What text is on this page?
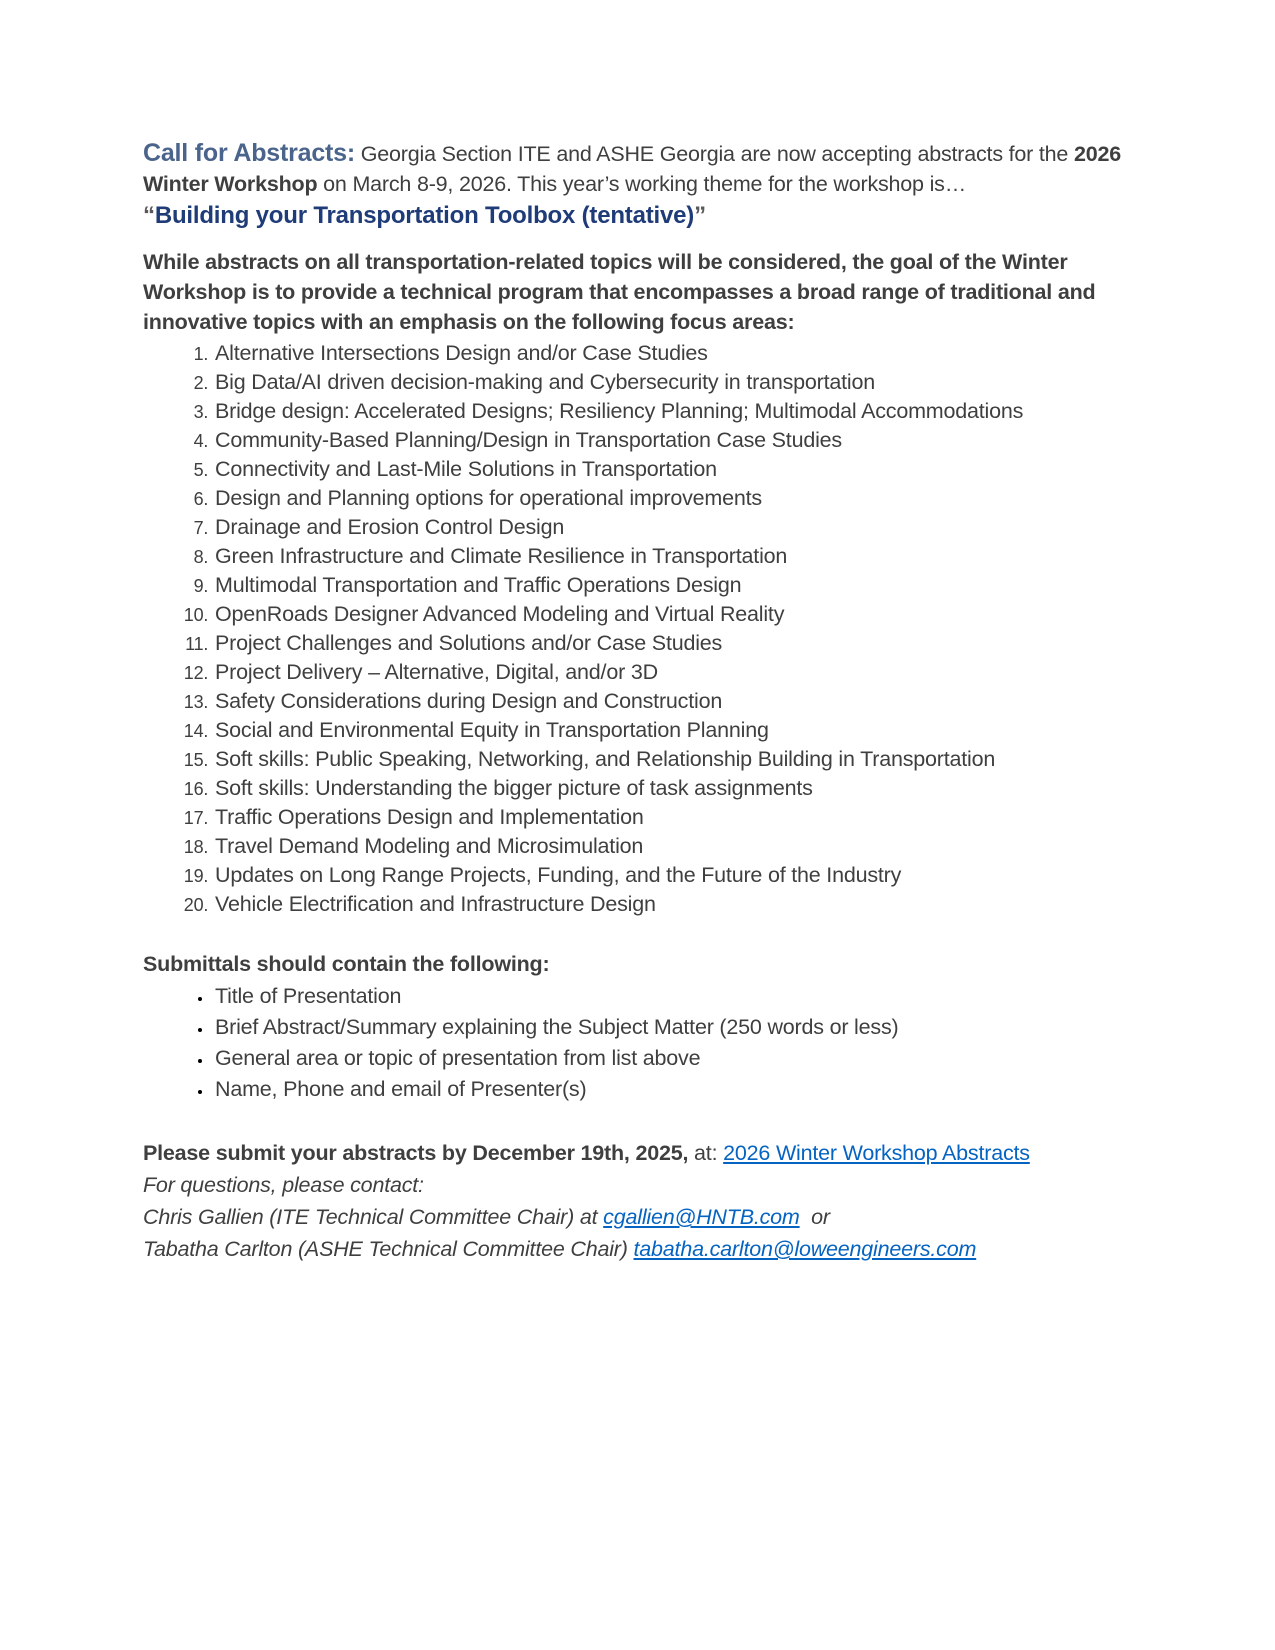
Call for Abstracts: Georgia Section ITE and ASHE Georgia are now accepting abstracts for the 2026 Winter Workshop on March 8-9, 2026. This year’s working theme for the workshop is…

“Building your Transportation Toolbox (tentative)”

While abstracts on all transportation-related topics will be considered, the goal of the Winter Workshop is to provide a technical program that encompasses a broad range of traditional and innovative topics with an emphasis on the following focus areas:

1. Alternative Intersections Design and/or Case Studies
2. Big Data/AI driven decision-making and Cybersecurity in transportation
3. Bridge design: Accelerated Designs; Resiliency Planning; Multimodal Accommodations
4. Community-Based Planning/Design in Transportation Case Studies
5. Connectivity and Last-Mile Solutions in Transportation
6. Design and Planning options for operational improvements
7. Drainage and Erosion Control Design
8. Green Infrastructure and Climate Resilience in Transportation
9. Multimodal Transportation and Traffic Operations Design
10. OpenRoads Designer Advanced Modeling and Virtual Reality
11. Project Challenges and Solutions and/or Case Studies
12. Project Delivery – Alternative, Digital, and/or 3D
13. Safety Considerations during Design and Construction
14. Social and Environmental Equity in Transportation Planning
15. Soft skills: Public Speaking, Networking, and Relationship Building in Transportation
16. Soft skills: Understanding the bigger picture of task assignments
17. Traffic Operations Design and Implementation
18. Travel Demand Modeling and Microsimulation
19. Updates on Long Range Projects, Funding, and the Future of the Industry
20. Vehicle Electrification and Infrastructure Design

Submittals should contain the following:

• Title of Presentation
• Brief Abstract/Summary explaining the Subject Matter (250 words or less)
• General area or topic of presentation from list above
• Name, Phone and email of Presenter(s)

Please submit your abstracts by December 19th, 2025, at: 2026 Winter Workshop Abstracts

For questions, please contact:

Chris Gallien (ITE Technical Committee Chair) at cgallien@HNTB.com  or

Tabatha Carlton (ASHE Technical Committee Chair) tabatha.carlton@loweengineers.com
